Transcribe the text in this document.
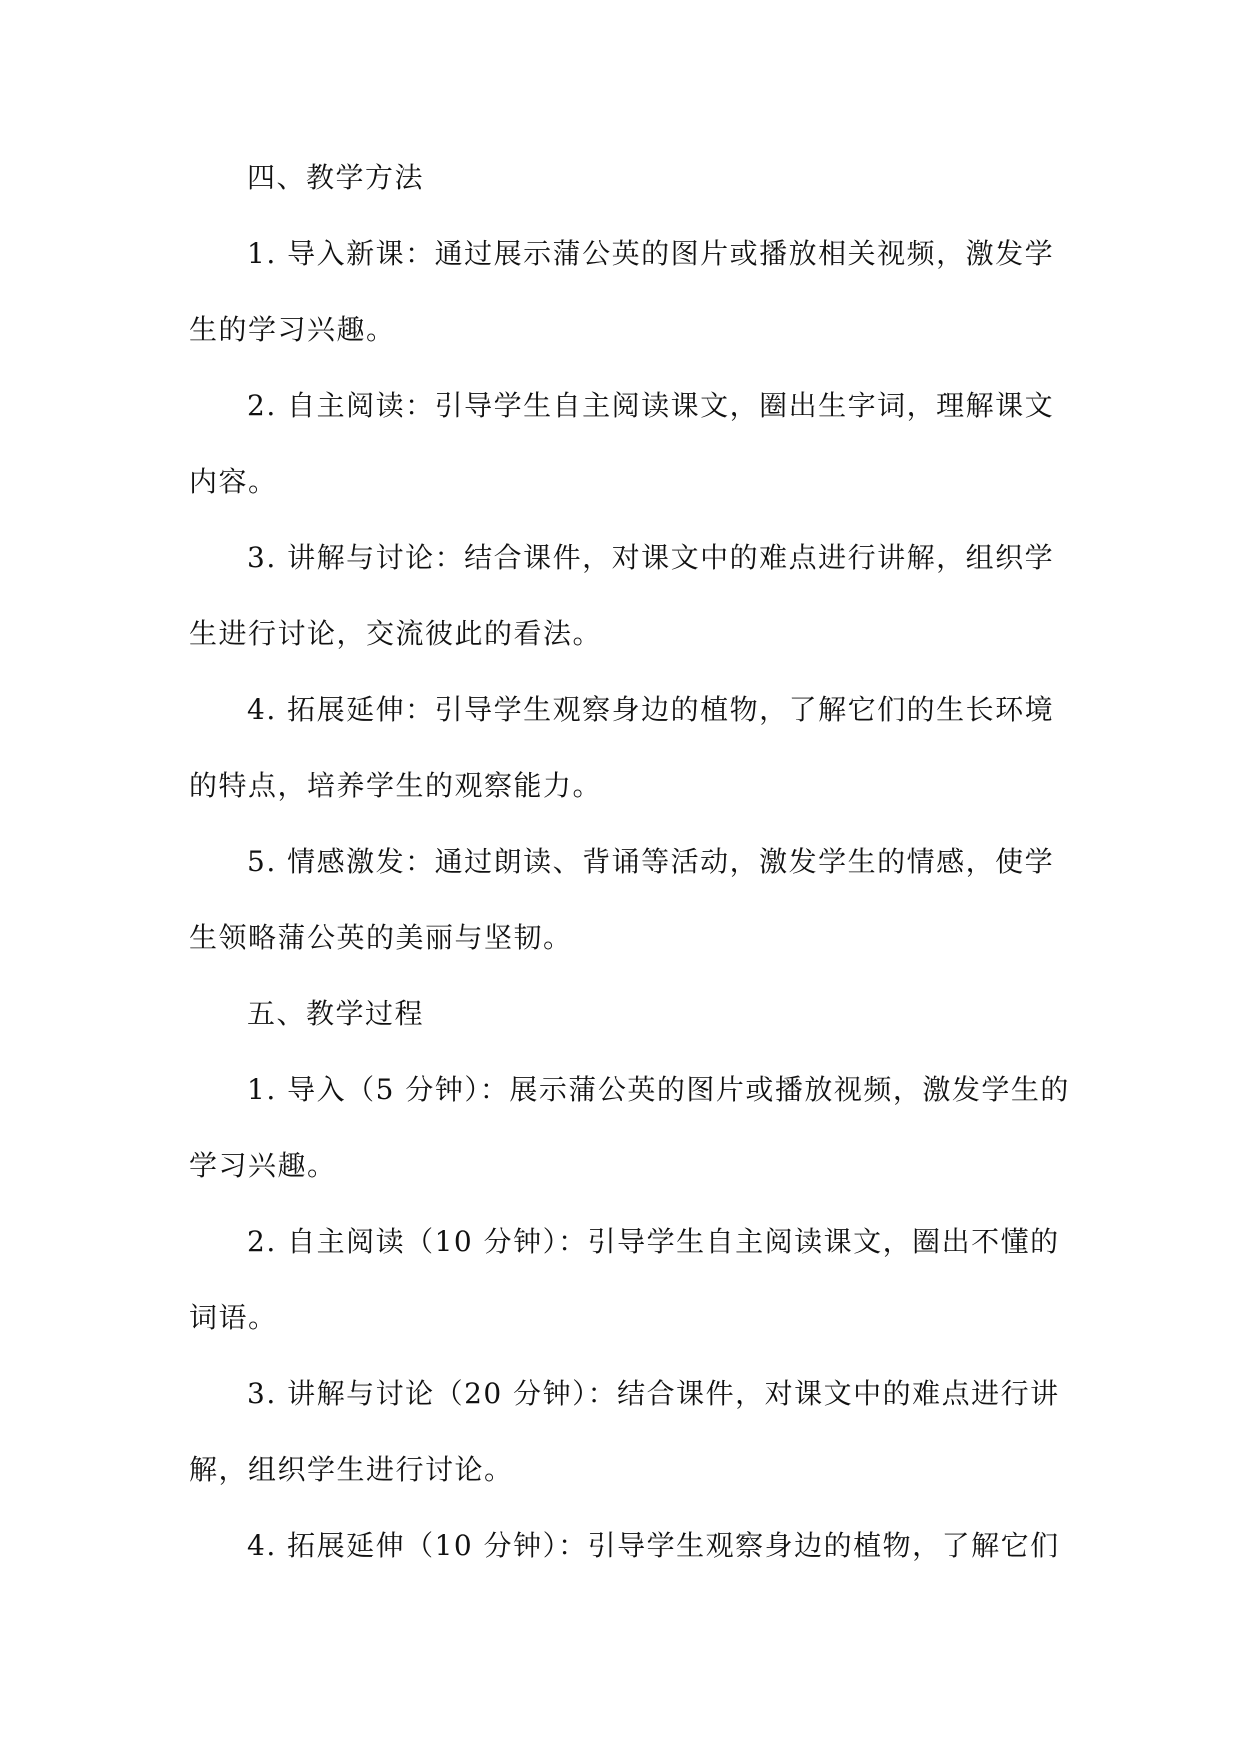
四、教学方法
1. 导入新课：通过展示蒲公英的图片或播放相关视频，激发学
生的学习兴趣。
2. 自主阅读：引导学生自主阅读课文，圈出生字词，理解课文
内容。
3. 讲解与讨论：结合课件，对课文中的难点进行讲解，组织学
生进行讨论，交流彼此的看法。
4. 拓展延伸：引导学生观察身边的植物，了解它们的生长环境
的特点，培养学生的观察能力。
5. 情感激发：通过朗读、背诵等活动，激发学生的情感，使学
生领略蒲公英的美丽与坚韧。
五、教学过程
1. 导入（5 分钟）：展示蒲公英的图片或播放视频，激发学生的
学习兴趣。
2. 自主阅读（10 分钟）：引导学生自主阅读课文，圈出不懂的
词语。
3. 讲解与讨论（20 分钟）：结合课件，对课文中的难点进行讲
解，组织学生进行讨论。
4. 拓展延伸（10 分钟）：引导学生观察身边的植物，了解它们
